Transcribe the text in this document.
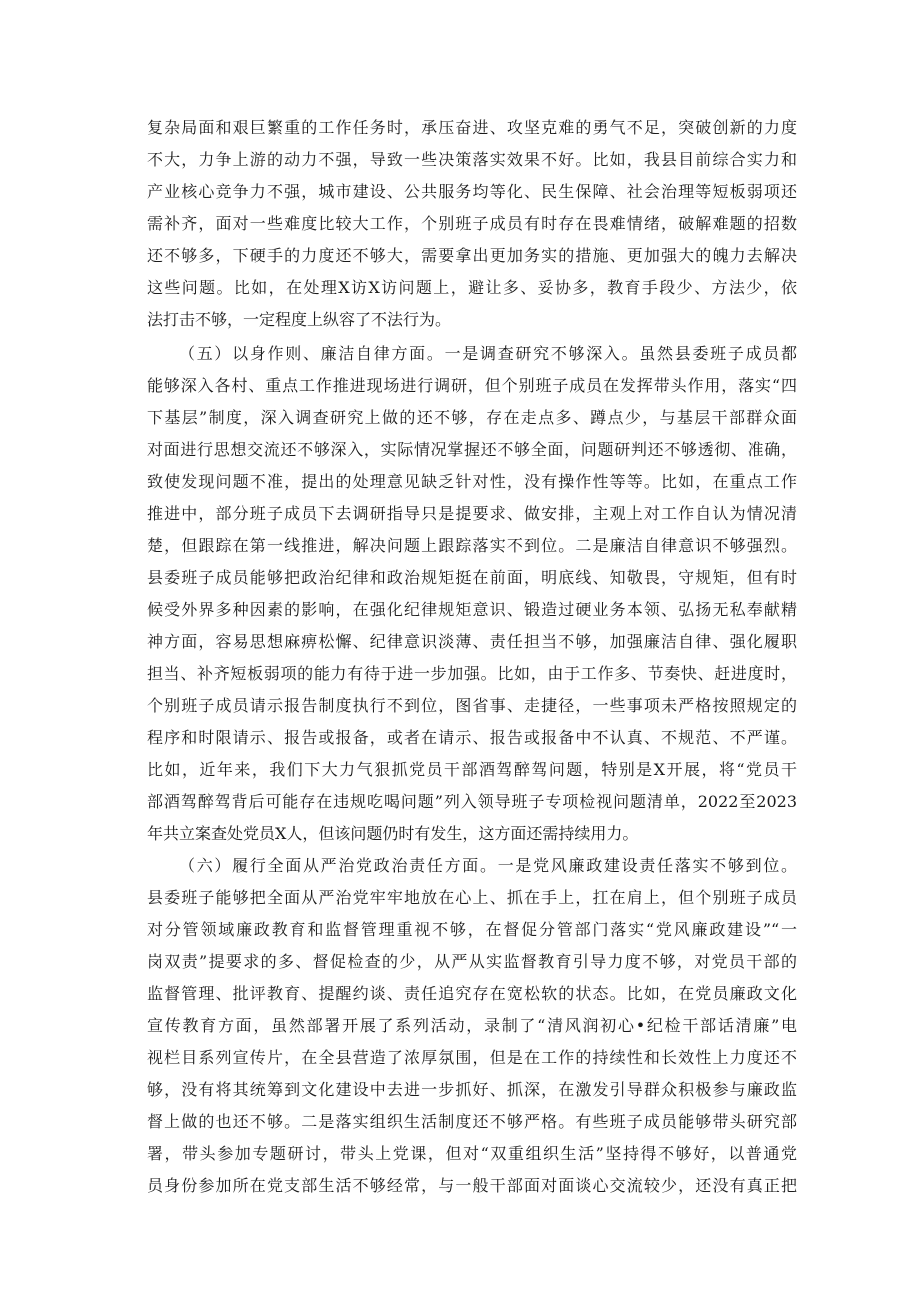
复杂局面和艰巨繁重的工作任务时，承压奋进、攻坚克难的勇气不足，突破创新的力度
不大，力争上游的动力不强，导致一些决策落实效果不好。比如，我县目前综合实力和
产业核心竞争力不强，城市建设、公共服务均等化、民生保障、社会治理等短板弱项还
需补齐，面对一些难度比较大工作，个别班子成员有时存在畏难情绪，破解难题的招数
还不够多，下硬手的力度还不够大，需要拿出更加务实的措施、更加强大的魄力去解决
这些问题。比如，在处理X访X访问题上，避让多、妥协多，教育手段少、方法少，依
法打击不够，一定程度上纵容了不法行为。
（五）以身作则、廉洁自律方面。一是调查研究不够深入。虽然县委班子成员都
能够深入各村、重点工作推进现场进行调研，但个别班子成员在发挥带头作用，落实“四
下基层”制度，深入调查研究上做的还不够，存在走点多、蹲点少，与基层干部群众面
对面进行思想交流还不够深入，实际情况掌握还不够全面，问题研判还不够透彻、准确，
致使发现问题不准，提出的处理意见缺乏针对性，没有操作性等等。比如，在重点工作
推进中，部分班子成员下去调研指导只是提要求、做安排，主观上对工作自认为情况清
楚，但跟踪在第一线推进，解决问题上跟踪落实不到位。二是廉洁自律意识不够强烈。
县委班子成员能够把政治纪律和政治规矩挺在前面，明底线、知敬畏，守规矩，但有时
候受外界多种因素的影响，在强化纪律规矩意识、锻造过硬业务本领、弘扬无私奉献精
神方面，容易思想麻痹松懈、纪律意识淡薄、责任担当不够，加强廉洁自律、强化履职
担当、补齐短板弱项的能力有待于进一步加强。比如，由于工作多、节奏快、赶进度时，
个别班子成员请示报告制度执行不到位，图省事、走捷径，一些事项未严格按照规定的
程序和时限请示、报告或报备，或者在请示、报告或报备中不认真、不规范、不严谨。
比如，近年来，我们下大力气狠抓党员干部酒驾醉驾问题，特别是X开展，将“党员干
部酒驾醉驾背后可能存在违规吃喝问题”列入领导班子专项检视问题清单，2022至2023
年共立案查处党员X人，但该问题仍时有发生，这方面还需持续用力。
（六）履行全面从严治党政治责任方面。一是党风廉政建设责任落实不够到位。
县委班子能够把全面从严治党牢牢地放在心上、抓在手上，扛在肩上，但个别班子成员
对分管领域廉政教育和监督管理重视不够，在督促分管部门落实“党风廉政建设”“一
岗双责”提要求的多、督促检查的少，从严从实监督教育引导力度不够，对党员干部的
监督管理、批评教育、提醒约谈、责任追究存在宽松软的状态。比如，在党员廉政文化
宣传教育方面，虽然部署开展了系列活动，录制了“清风润初心•纪检干部话清廉”电
视栏目系列宣传片，在全县营造了浓厚氛围，但是在工作的持续性和长效性上力度还不
够，没有将其统筹到文化建设中去进一步抓好、抓深，在激发引导群众积极参与廉政监
督上做的也还不够。二是落实组织生活制度还不够严格。有些班子成员能够带头研究部
署，带头参加专题研讨，带头上党课，但对“双重组织生活”坚持得不够好，以普通党
员身份参加所在党支部生活不够经常，与一般干部面对面谈心交流较少，还没有真正把
